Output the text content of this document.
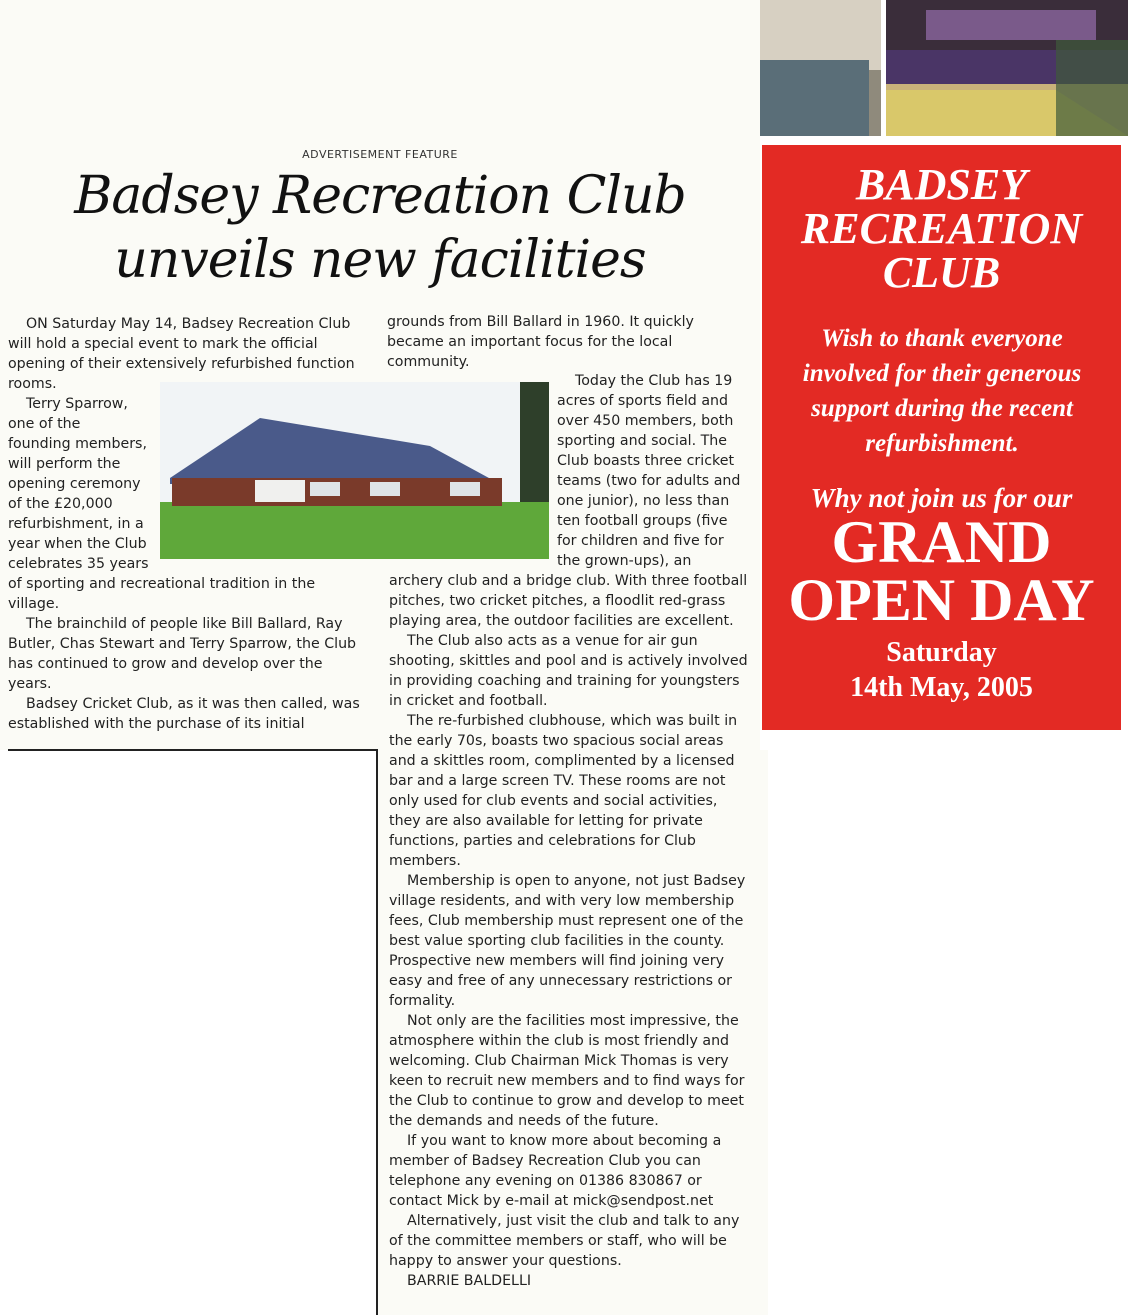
ADVERTISEMENT FEATURE
Badsey Recreation Club
unveils new facilities

ON Saturday May 14, Badsey Recreation Club will hold a special event to mark the official opening of their extensively refurbished function rooms.

Terry Sparrow,
one of the
founding members,
will perform the
opening ceremony
of the £20,000
refurbishment, in a
year when the Club
celebrates 35 years

of sporting and recreational tradition in the village.

The brainchild of people like Bill Ballard, Ray Butler, Chas Stewart and Terry Sparrow, the Club has continued to grow and develop over the years.

Badsey Cricket Club, as it was then called, was established with the purchase of its initial

grounds from Bill Ballard in 1960. It quickly became an important focus for the local community.

Today the Club has 19
acres of sports field and
over 450 members, both
sporting and social. The
Club boasts three cricket
teams (two for adults and
one junior), no less than
ten football groups (five
for children and five for
the grown-ups), an

archery club and a bridge club. With three football pitches, two cricket pitches, a floodlit red-grass playing area, the outdoor facilities are excellent.

The Club also acts as a venue for air gun shooting, skittles and pool and is actively involved in providing coaching and training for youngsters in cricket and football.

The re-furbished clubhouse, which was built in the early 70s, boasts two spacious social areas and a skittles room, complimented by a licensed bar and a large screen TV. These rooms are not only used for club events and social activities, they are also available for letting for private functions, parties and celebrations for Club members.

Membership is open to anyone, not just Badsey village residents, and with very low membership fees, Club membership must represent one of the best value sporting club facilities in the county. Prospective new members will find joining very easy and free of any unnecessary restrictions or formality.

Not only are the facilities most impressive, the atmosphere within the club is most friendly and welcoming. Club Chairman Mick Thomas is very keen to recruit new members and to find ways for the Club to continue to grow and develop to meet the demands and needs of the future.

If you want to know more about becoming a member of Badsey Recreation Club you can telephone any evening on 01386 830867 or contact Mick by e-mail at mick@sendpost.net

Alternatively, just visit the club and talk to any of the committee members or staff, who will be happy to answer your questions.

BARRIE BALDELLI

BADSEY
RECREATION
CLUB
Wish to thank everyone
involved for their generous
support during the recent
refurbishment.
Why not join us for our
GRAND
OPEN DAY
Saturday
14th May, 2005
